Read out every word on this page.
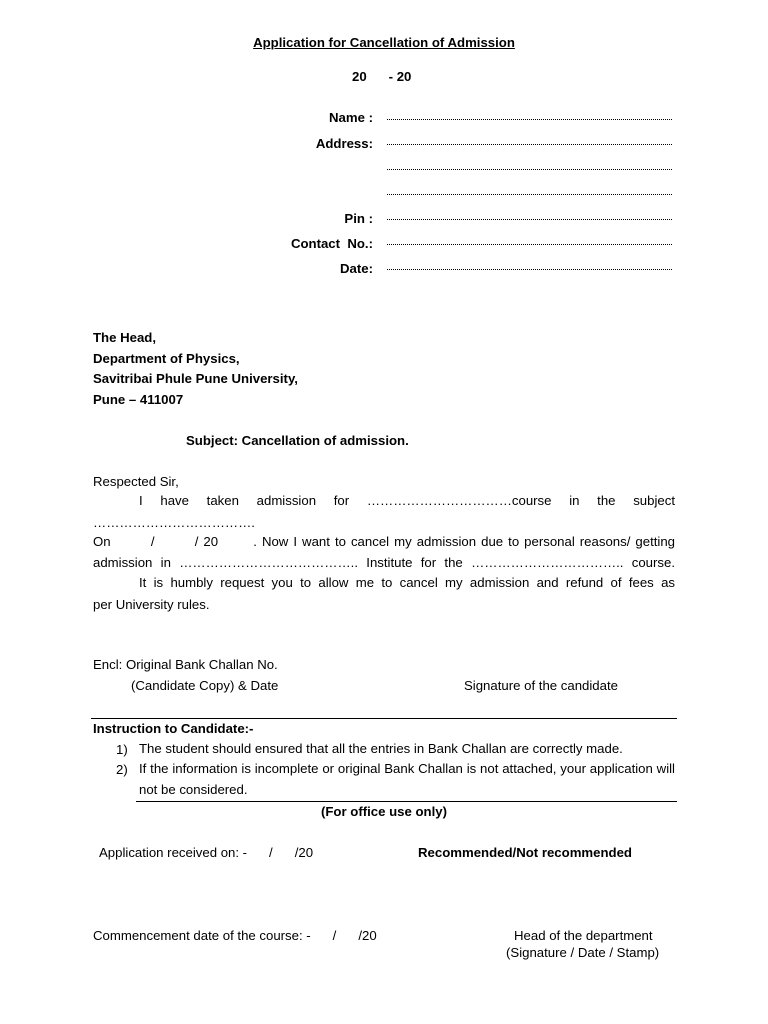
Application for Cancellation of Admission
20      - 20
Name :
Address:
Pin :
Contact  No.:
Date:
The Head,
Department of Physics,
Savitribai Phule Pune University,
Pune – 411007
Subject: Cancellation of admission.
Respected Sir,
I have taken admission for ……………………………course in the subject
……………………………….
On        /        / 20       . Now I want to cancel my admission due to personal reasons/ getting
admission in ………………………………….. Institute for the …………………………….. course.
It is humbly request you to allow me to cancel my admission and refund of fees as
per University rules.
Encl: Original Bank Challan No.
(Candidate Copy) & Date	Signature of the candidate
Instruction to Candidate:-
1) The student should ensured that all the entries in Bank Challan are correctly made.
2) If the information is incomplete or original Bank Challan is not attached, your application will not be considered.
(For office use only)
Application received on: -      /      /20	Recommended/Not recommended
Commencement date of the course: -      /      /20	Head of the department
(Signature / Date / Stamp)
